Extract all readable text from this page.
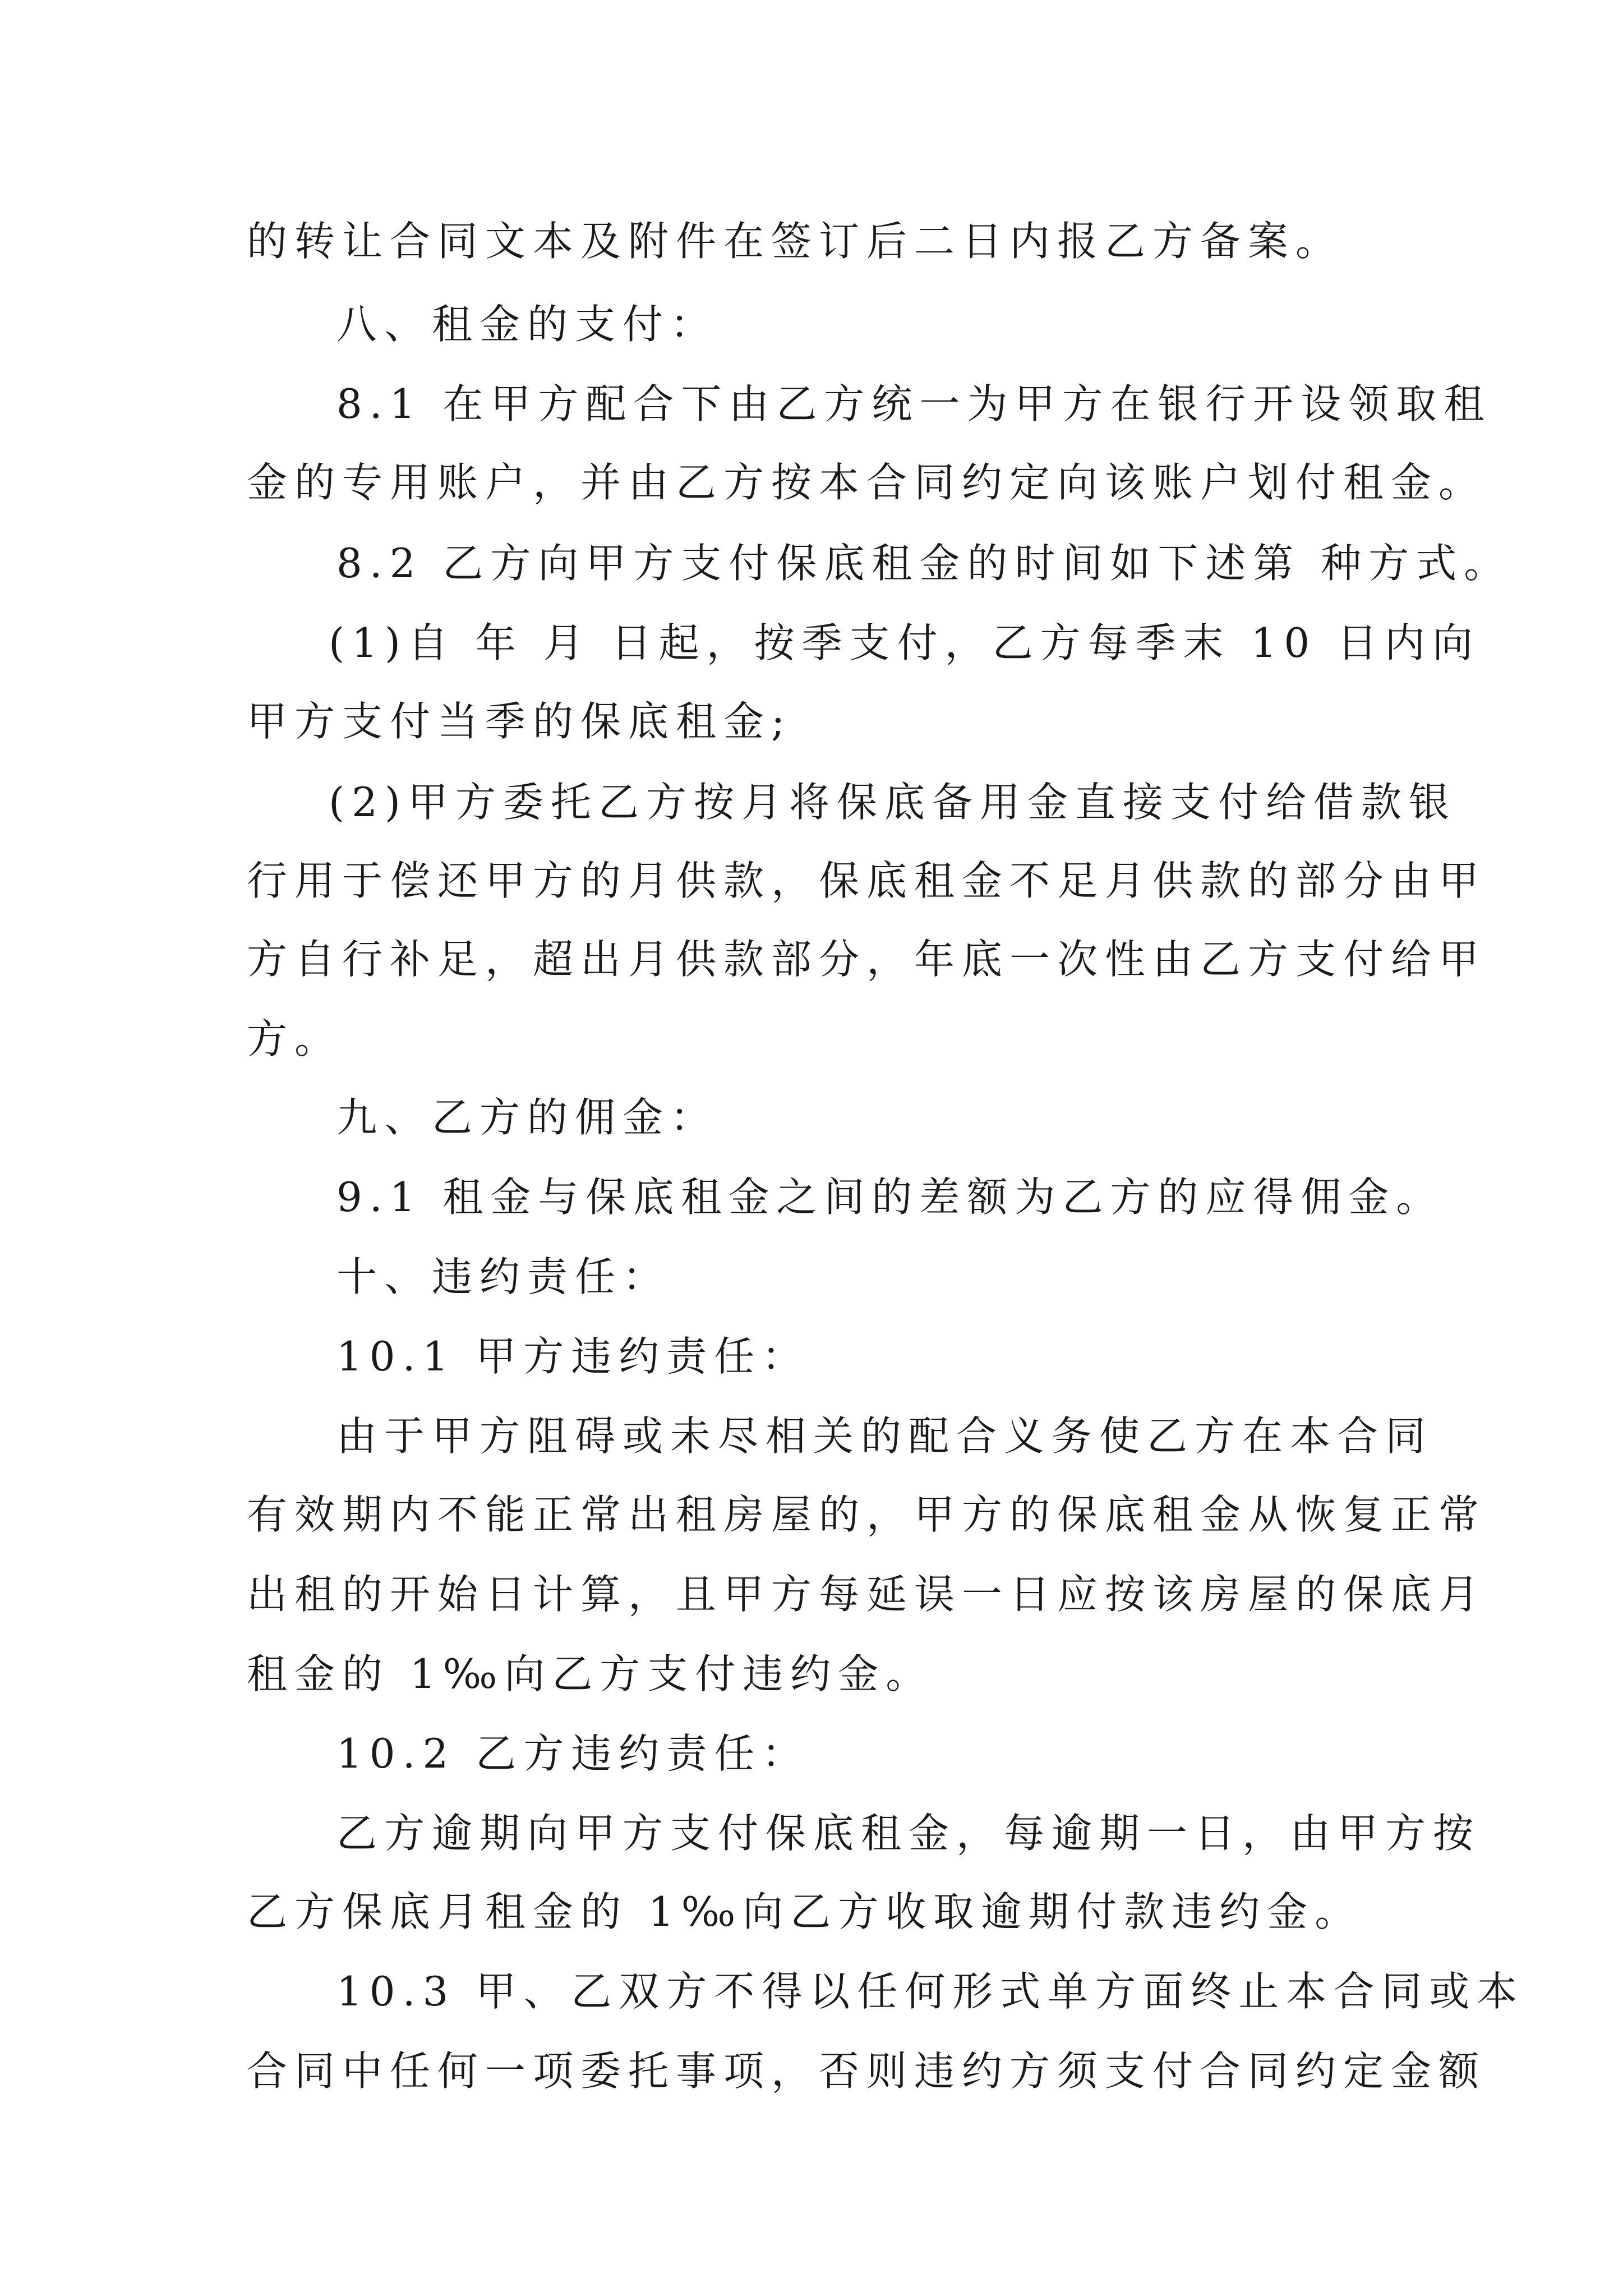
的转让合同文本及附件在签订后二日内报乙方备案。
八、租金的支付：
8.1 在甲方配合下由乙方统一为甲方在银行开设领取租
金的专用账户，并由乙方按本合同约定向该账户划付租金。
8.2 乙方向甲方支付保底租金的时间如下述第 种方式。
(1)自 年 月 日起，按季支付，乙方每季末 10 日内向
甲方支付当季的保底租金;
(2)甲方委托乙方按月将保底备用金直接支付给借款银
行用于偿还甲方的月供款，保底租金不足月供款的部分由甲
方自行补足，超出月供款部分，年底一次性由乙方支付给甲
方。
九、乙方的佣金：
9.1 租金与保底租金之间的差额为乙方的应得佣金。
十、违约责任：
10.1 甲方违约责任：
由于甲方阻碍或未尽相关的配合义务使乙方在本合同
有效期内不能正常出租房屋的，甲方的保底租金从恢复正常
出租的开始日计算，且甲方每延误一日应按该房屋的保底月
租金的 1‰向乙方支付违约金。
10.2 乙方违约责任：
乙方逾期向甲方支付保底租金，每逾期一日，由甲方按
乙方保底月租金的 1‰向乙方收取逾期付款违约金。
10.3 甲、乙双方不得以任何形式单方面终止本合同或本
合同中任何一项委托事项，否则违约方须支付合同约定金额
